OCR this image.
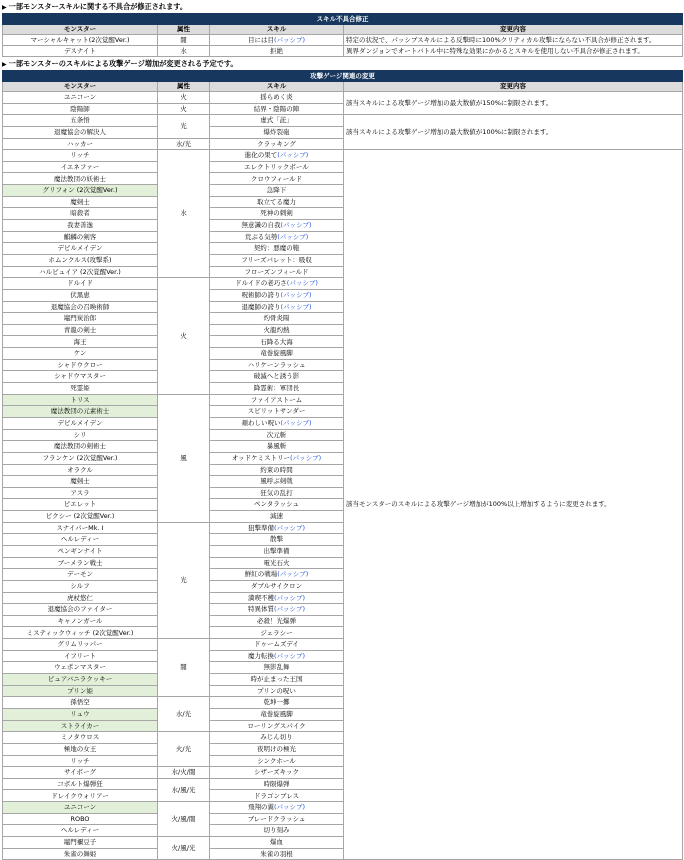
▶ 一部モンスタースキルに関する不具合が修正されます。
スキル不具合修正			
モンスター	属性	スキル	変更内容
マーシャルキャット(2次覚醒Ver.)	闇	目には目(パッシブ)	特定の状況で、パッシブスキルによる反撃時に100%クリティカル攻撃にならない不具合が修正されます。
デスナイト	水	拒絶	異界ダンジョンでオートバトル中に特殊な効果にかかるとスキルを使用しない不具合が修正されます。
▶ 一部モンスターのスキルによる攻撃ゲージ増加が変更される予定です。
攻撃ゲージ関連の変更			
モンスター	属性	スキル	変更内容
ユニコーン	火	揺らめく炎	該当スキルによる攻撃ゲージ増加の最大数値が150%に制限されます。
陰陽師	火	結界・陰陽の陣	
五条悟	光	虚式「茈」	該当スキルによる攻撃ゲージ増加の最大数値が100%に制限されます。
退魔協会の解決人		爆炸裂砲	
ハッカー	水/光	クラッキング	
リッチ	水	進化の果て(パッシブ)	該当モンスターのスキルによる攻撃ゲージ増加が100%以上増加するように変更されます。
イエネファー		エレクトリックボール	
魔法教団の妖術士		クロウフィールド	
グリフォン (2次覚醒Ver.)		急降下	
魔剣士		取立てる魔力	
暗殺者		死神の刺剣	
我妻善逸		無意識の自我(パッシブ)	
麒麟の剣客		荒ぶる気勢(パッシブ)	
デビルメイデン		契約：悪魔の鞄	
ホムンクルス(攻撃系)		フリーズバレット：吸収	
ハルピュイア (2次覚醒Ver.)		フローズンフィールド	
ドルイド	火	ドルイドの老巧さ(パッシブ)	
伏黒恵		呪術師の誇り(パッシブ)	
退魔協会の召喚術師		退魔師の誇り(パッシブ)	
竈門炭治郎		灼骨炎陽	
青龍の剣士		火龍灼熱	
海王		石降る大海	
ケン		竜巻旋風脚	
シャドウクロー		ハリケーンラッシュ	
シャドウマスター		破滅へと誘う影	
死霊姫		降霊術：軍団長	
トリス	風	ファイアストーム	
魔法教団の元素術士		スピリットサンダー	
デビルメイデン		頬わしい呪い(パッシブ)	
シリ		次元斬	
魔法教団の剣術士		暴風斬	
フランケン (2次覚醒Ver.)		オッドケミストリー(パッシブ)	
オラクル		約束の時間	
魔剣士		風呼ぶ剣戟	
アスラ		狂気の乱打	
ピエレット		ペンタラッシュ	
ピクシー (2次覚醒Ver.)		減速	
スナイパーMk. I	光	狙撃準備(パッシブ)	
ヘルレディー		散撃	
ペンギンナイト		出撃準備	
ブーメラン戦士		電光石火	
デーモン		鮮紅の戦場(パッシブ)	
シルフ		ダブルサイクロン	
虎杖悠仁		満喫不穫(パッシブ)	
退魔協会のファイター		特異体質(パッシブ)	
キャノンガール		必殺！光爆弾	
ミスティックウィッチ (2次覚醒Ver.)		ジェラシー	
グリムリッパー	闇	ドゥームズデイ	
イフリート		魔力転換(パッシブ)	
ウェポンマスター		無影乱舞	
ピュアバニラクッキー		時が止まった王国	
プリン姫		プリンの呪い	
孫悟空	水/光	乾坤一擲	
リュウ		竜巻旋風脚	
ストライカー		ローリングスパイク	
ミノタウロス	火/光	みじん切り	
極地の女王		夜明けの極光	
リッチ		シンクホール	
サイボーグ	水/火/闇	シザーズキック	
コボルト爆弾狂	水/風/光	時限爆弾	
ドレイクウォリアー		ドラゴンブレス	
ユニコーン	火/風/闇	飛翔の翼(パッシブ)	
ROBO		ブレードクラッシュ	
ヘルレディー		切り刻み	
竈門禰豆子	火/風/光	爆血	
朱雀の舞姫		朱雀の羽根	
